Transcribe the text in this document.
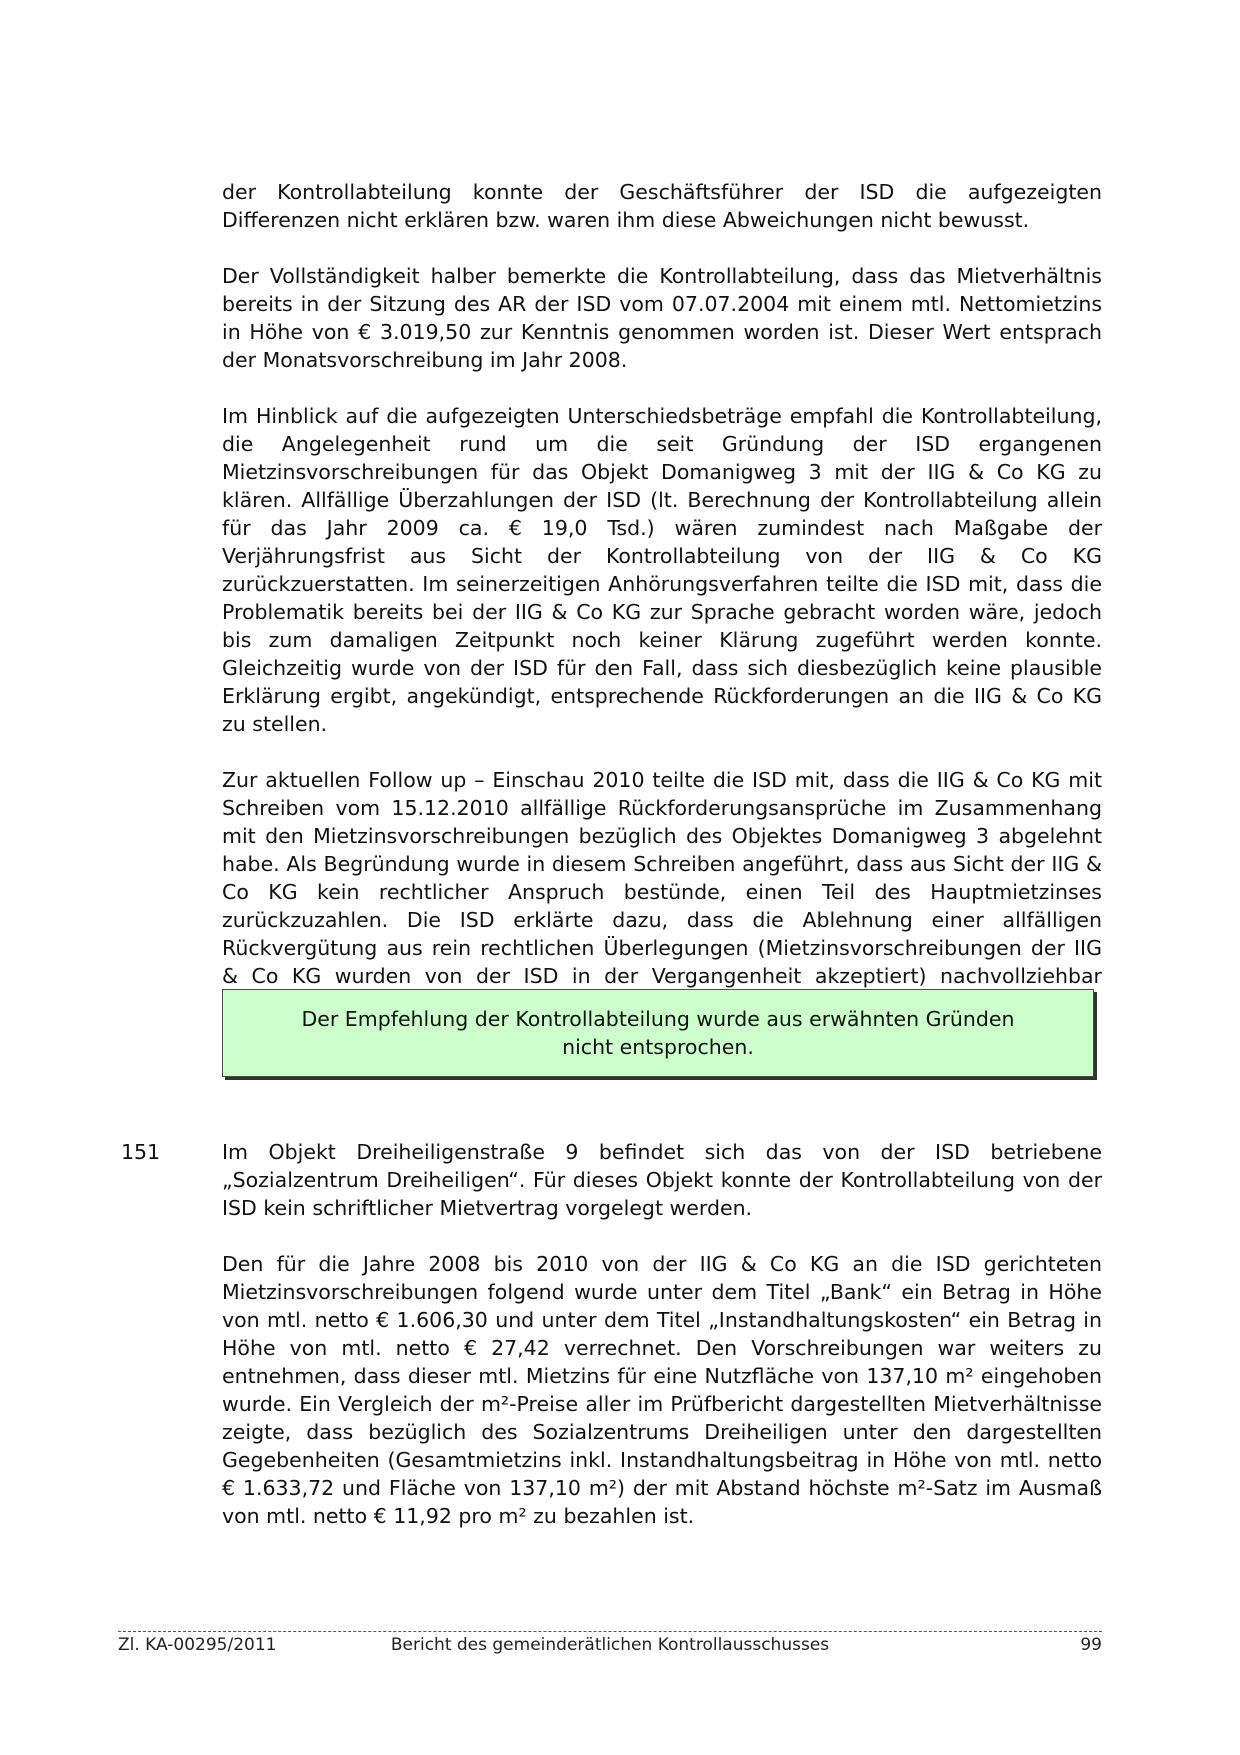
der Kontrollabteilung konnte der Geschäftsführer der ISD die aufgezeigten Differenzen nicht erklären bzw. waren ihm diese Abweichungen nicht bewusst.

Der Vollständigkeit halber bemerkte die Kontrollabteilung, dass das Mietverhältnis bereits in der Sitzung des AR der ISD vom 07.07.2004 mit einem mtl. Nettomietzins in Höhe von € 3.019,50 zur Kenntnis genommen worden ist. Dieser Wert entsprach der Monatsvorschreibung im Jahr 2008.

Im Hinblick auf die aufgezeigten Unterschiedsbeträge empfahl die Kontrollabteilung, die Angelegenheit rund um die seit Gründung der ISD ergangenen Mietzinsvorschreibungen für das Objekt Domanigweg 3 mit der IIG & Co KG zu klären. Allfällige Überzahlungen der ISD (lt. Berechnung der Kontrollabteilung allein für das Jahr 2009 ca. € 19,0 Tsd.) wären zumindest nach Maßgabe der Verjährungsfrist aus Sicht der Kontrollabteilung von der IIG & Co KG zurückzuerstatten. Im seinerzeitigen Anhörungsverfahren teilte die ISD mit, dass die Problematik bereits bei der IIG & Co KG zur Sprache gebracht worden wäre, jedoch bis zum damaligen Zeitpunkt noch keiner Klärung zugeführt werden konnte. Gleichzeitig wurde von der ISD für den Fall, dass sich diesbezüglich keine plausible Erklärung ergibt, angekündigt, entsprechende Rückforderungen an die IIG & Co KG zu stellen.

Zur aktuellen Follow up – Einschau 2010 teilte die ISD mit, dass die IIG & Co KG mit Schreiben vom 15.12.2010 allfällige Rückforderungsansprüche im Zusammenhang mit den Mietzinsvorschreibungen bezüglich des Objektes Domanigweg 3 abgelehnt habe. Als Begründung wurde in diesem Schreiben angeführt, dass aus Sicht der IIG & Co KG kein rechtlicher Anspruch bestünde, einen Teil des Hauptmietzinses zurückzuzahlen. Die ISD erklärte dazu, dass die Ablehnung einer allfälligen Rückvergütung aus rein rechtlichen Überlegungen (Mietzinsvorschreibungen der IIG & Co KG wurden von der ISD in der Vergangenheit akzeptiert) nachvollziehbar

Der Empfehlung der Kontrollabteilung wurde aus erwähnten Gründen
nicht entsprochen.
151	Im Objekt Dreiheiligenstraße 9 befindet sich das von der ISD betriebene „Sozialzentrum Dreiheiligen“. Für dieses Objekt konnte der Kontrollabteilung von der ISD kein schriftlicher Mietvertrag vorgelegt werden.

Den für die Jahre 2008 bis 2010 von der IIG & Co KG an die ISD gerichteten Mietzinsvorschreibungen folgend wurde unter dem Titel „Bank“ ein Betrag in Höhe von mtl. netto € 1.606,30 und unter dem Titel „Instandhaltungskosten“ ein Betrag in Höhe von mtl. netto € 27,42 verrechnet. Den Vorschreibungen war weiters zu entnehmen, dass dieser mtl. Mietzins für eine Nutzfläche von 137,10 m² eingehoben wurde. Ein Vergleich der m²-Preise aller im Prüfbericht dargestellten Mietverhältnisse zeigte, dass bezüglich des Sozialzentrums Dreiheiligen unter den dargestellten Gegebenheiten (Gesamtmietzins inkl. Instandhaltungsbeitrag in Höhe von mtl. netto € 1.633,72 und Fläche von 137,10 m²) der mit Abstand höchste m²-Satz im Ausmaß von mtl. netto € 11,92 pro m² zu bezahlen ist.

Zl. KA-00295/2011	Bericht des gemeinderätlichen Kontrollausschusses	99
